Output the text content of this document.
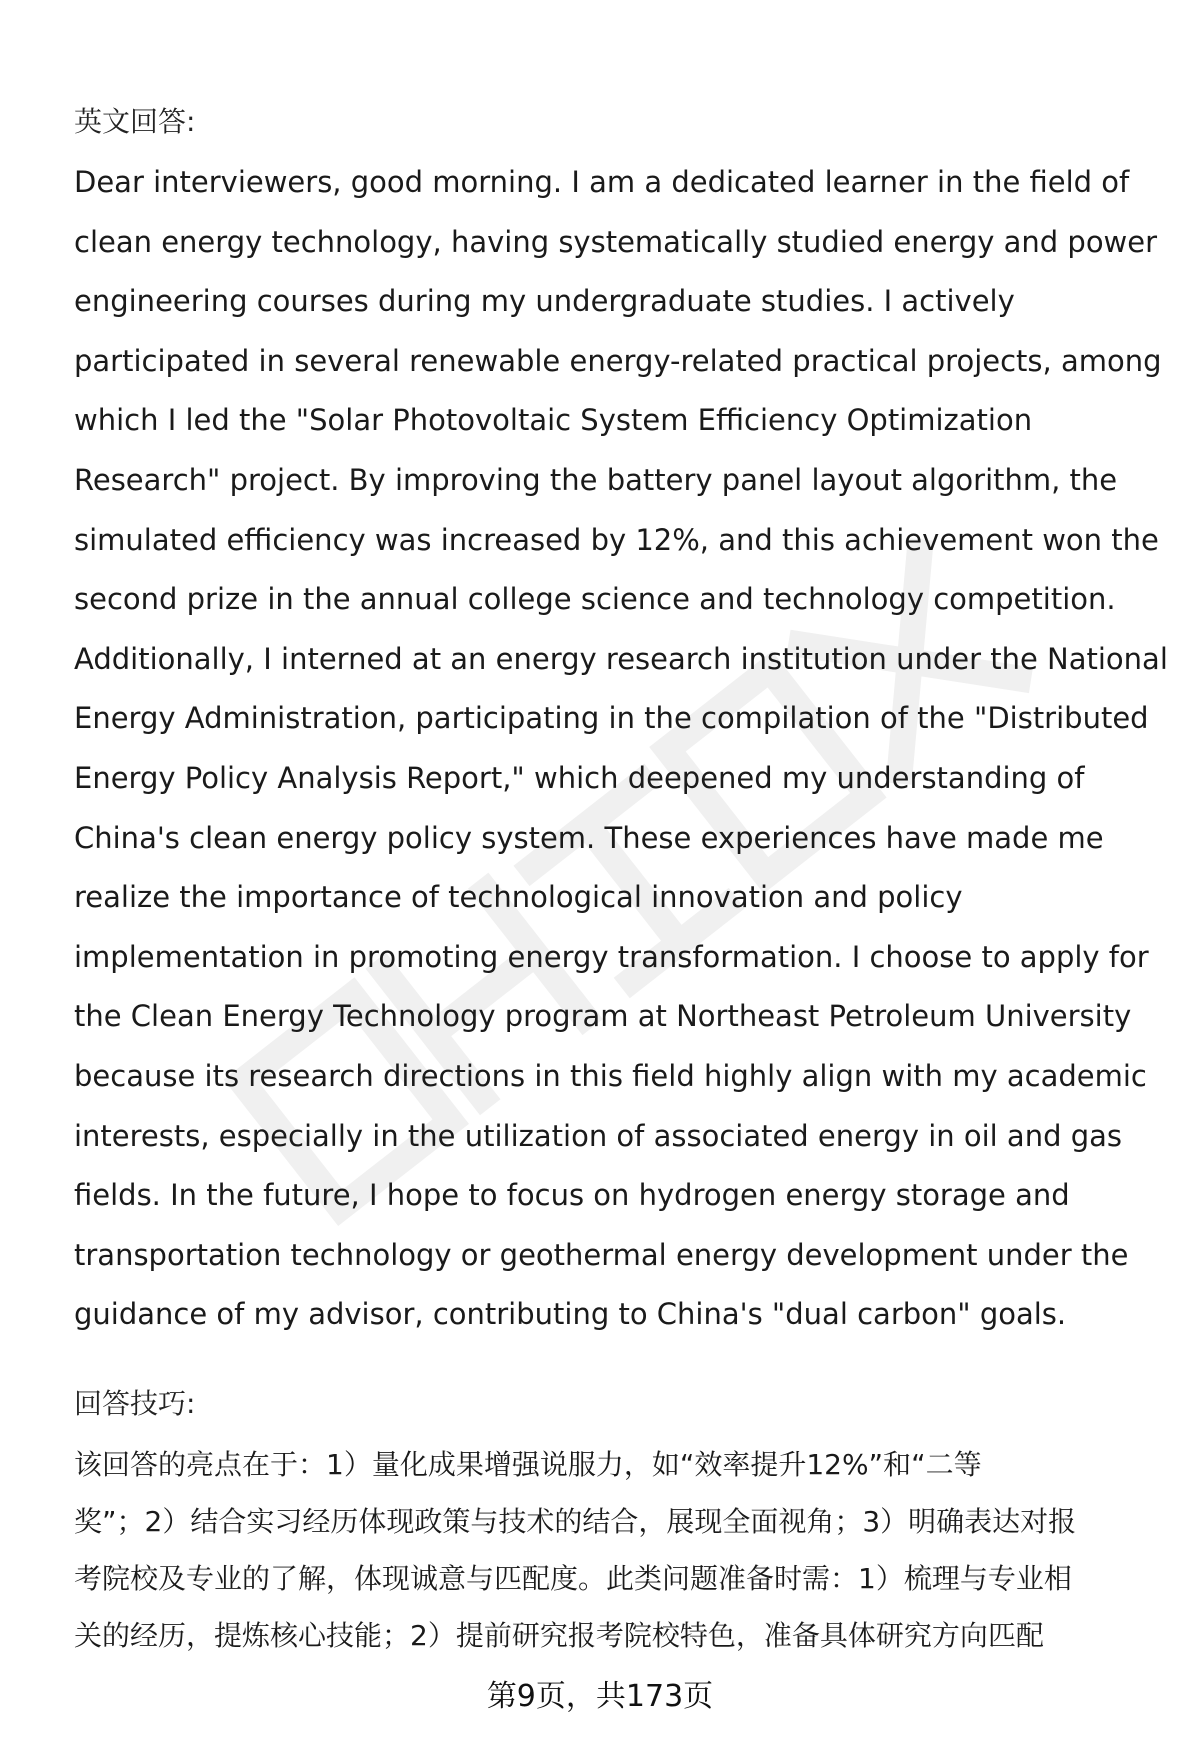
英文回答:
Dear interviewers, good morning. I am a dedicated learner in the field of
clean energy technology, having systematically studied energy and power
engineering courses during my undergraduate studies. I actively
participated in several renewable energy-related practical projects, among
which I led the "Solar Photovoltaic System Efficiency Optimization
Research" project. By improving the battery panel layout algorithm, the
simulated efficiency was increased by 12%, and this achievement won the
second prize in the annual college science and technology competition.
Additionally, I interned at an energy research institution under the National
Energy Administration, participating in the compilation of the "Distributed
Energy Policy Analysis Report," which deepened my understanding of
China's clean energy policy system. These experiences have made me
realize the importance of technological innovation and policy
implementation in promoting energy transformation. I choose to apply for
the Clean Energy Technology program at Northeast Petroleum University
because its research directions in this field highly align with my academic
interests, especially in the utilization of associated energy in oil and gas
fields. In the future, I hope to focus on hydrogen energy storage and
transportation technology or geothermal energy development under the
guidance of my advisor, contributing to China's "dual carbon" goals.
回答技巧:
该回答的亮点在于：1）量化成果增强说服力，如“效率提升12%”和“二等
奖”；2）结合实习经历体现政策与技术的结合，展现全面视角；3）明确表达对报
考院校及专业的了解，体现诚意与匹配度。此类问题准备时需：1）梳理与专业相
关的经历，提炼核心技能；2）提前研究报考院校特色，准备具体研究方向匹配
第9页，共173页
